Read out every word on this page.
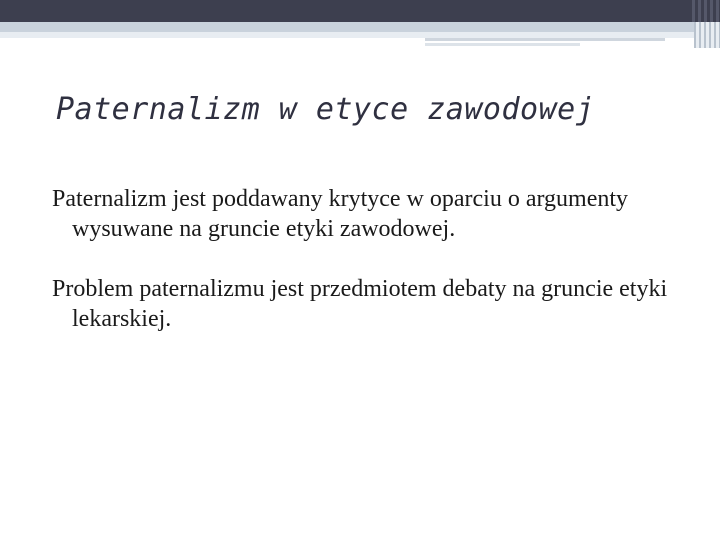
Paternalizm w etyce zawodowej

Paternalizm jest poddawany krytyce w oparciu o argumenty wysuwane na gruncie etyki zawodowej.

Problem paternalizmu jest przedmiotem debaty na gruncie etyki lekarskiej.
